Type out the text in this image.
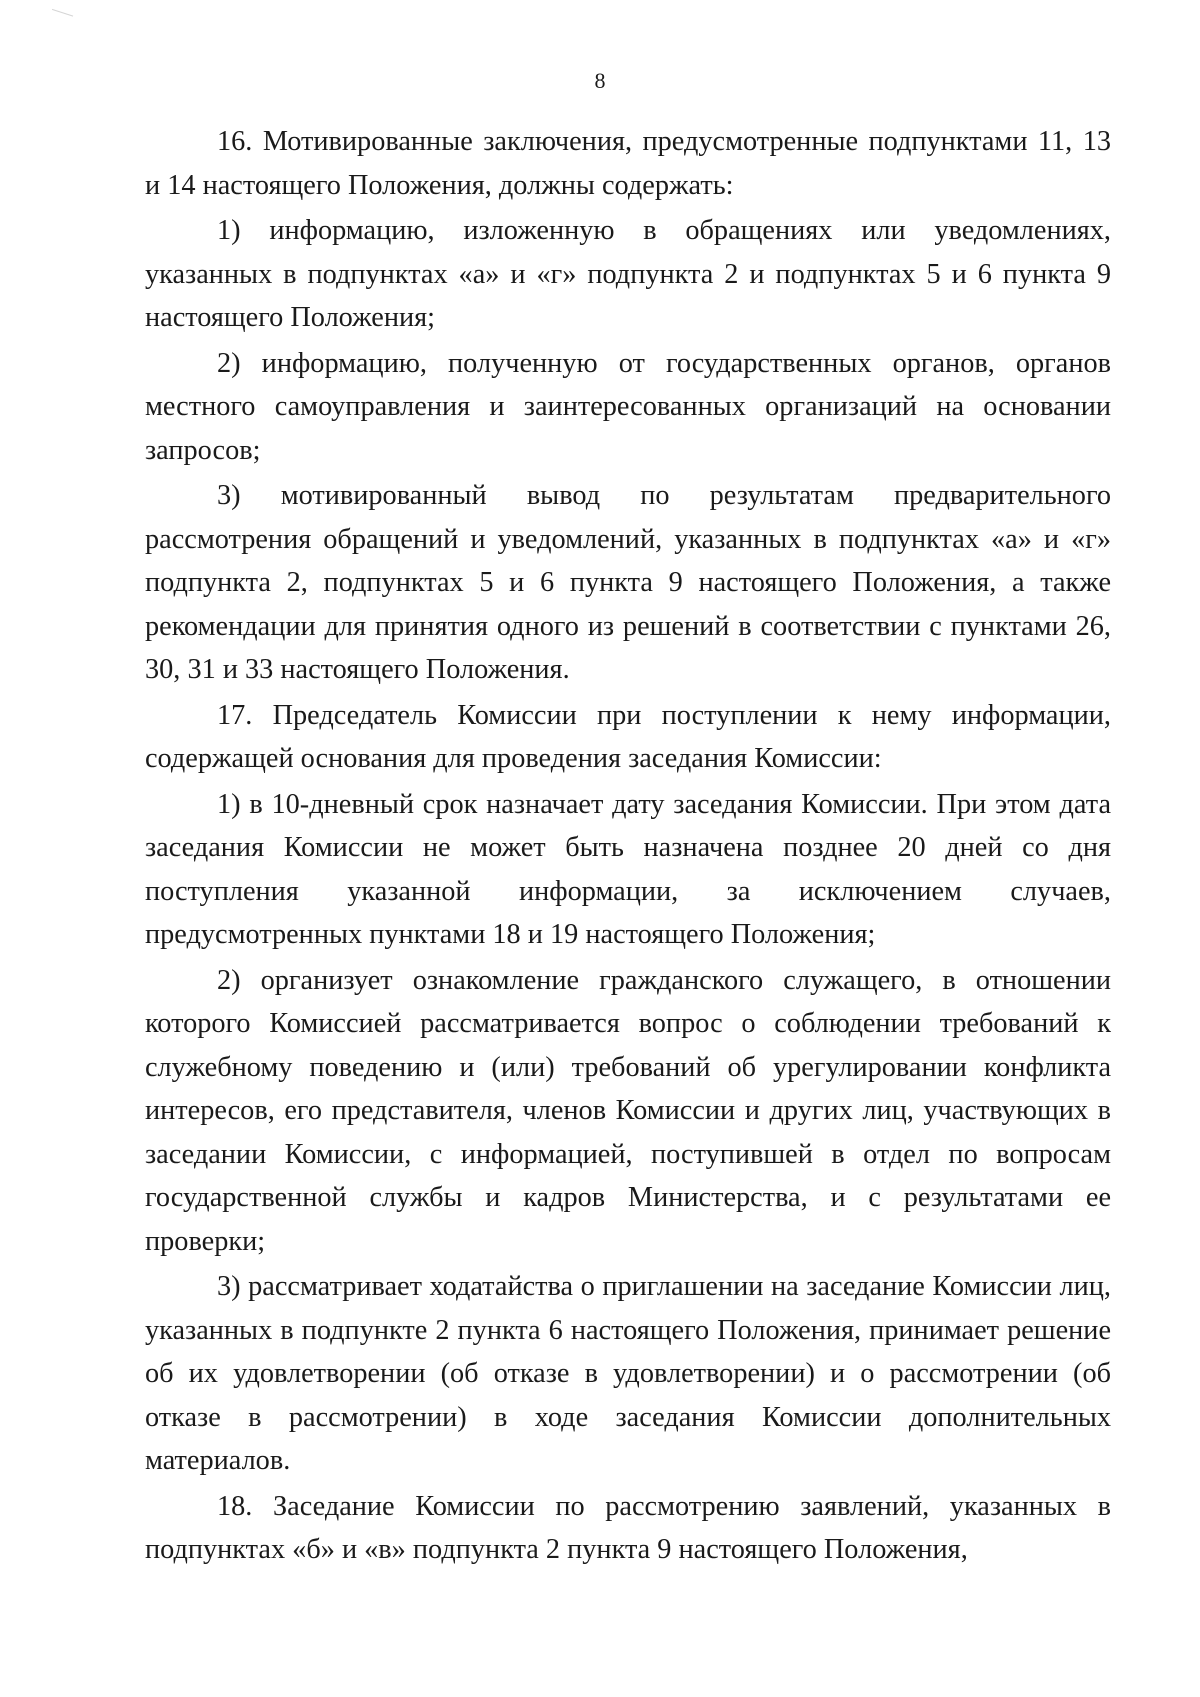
8

16. Мотивированные заключения, предусмотренные подпунктами 11, 13 и 14 настоящего Положения, должны содержать:

1) информацию, изложенную в обращениях или уведомлениях, указанных в подпунктах «а» и «г» подпункта 2 и подпунктах 5 и 6 пункта 9 настоящего Положения;

2) информацию, полученную от государственных органов, органов местного самоуправления и заинтересованных организаций на основании запросов;

3) мотивированный вывод по результатам предварительного рассмотрения обращений и уведомлений, указанных в подпунктах «а» и «г» подпункта 2, подпунктах 5 и 6 пункта 9 настоящего Положения, а также рекомендации для принятия одного из решений в соответствии с пунктами 26, 30, 31 и 33 настоящего Положения.

17. Председатель Комиссии при поступлении к нему информации, содержащей основания для проведения заседания Комиссии:

1) в 10-дневный срок назначает дату заседания Комиссии. При этом дата заседания Комиссии не может быть назначена позднее 20 дней со дня поступления указанной информации, за исключением случаев, предусмотренных пунктами 18 и 19 настоящего Положения;

2) организует ознакомление гражданского служащего, в отношении которого Комиссией рассматривается вопрос о соблюдении требований к служебному поведению и (или) требований об урегулировании конфликта интересов, его представителя, членов Комиссии и других лиц, участвующих в заседании Комиссии, с информацией, поступившей в отдел по вопросам государственной службы и кадров Министерства, и с результатами ее проверки;

3) рассматривает ходатайства о приглашении на заседание Комиссии лиц, указанных в подпункте 2 пункта 6 настоящего Положения, принимает решение об их удовлетворении (об отказе в удовлетворении) и о рассмотрении (об отказе в рассмотрении) в ходе заседания Комиссии дополнительных материалов.

18. Заседание Комиссии по рассмотрению заявлений, указанных в подпунктах «б» и «в» подпункта 2 пункта 9 настоящего Положения,
